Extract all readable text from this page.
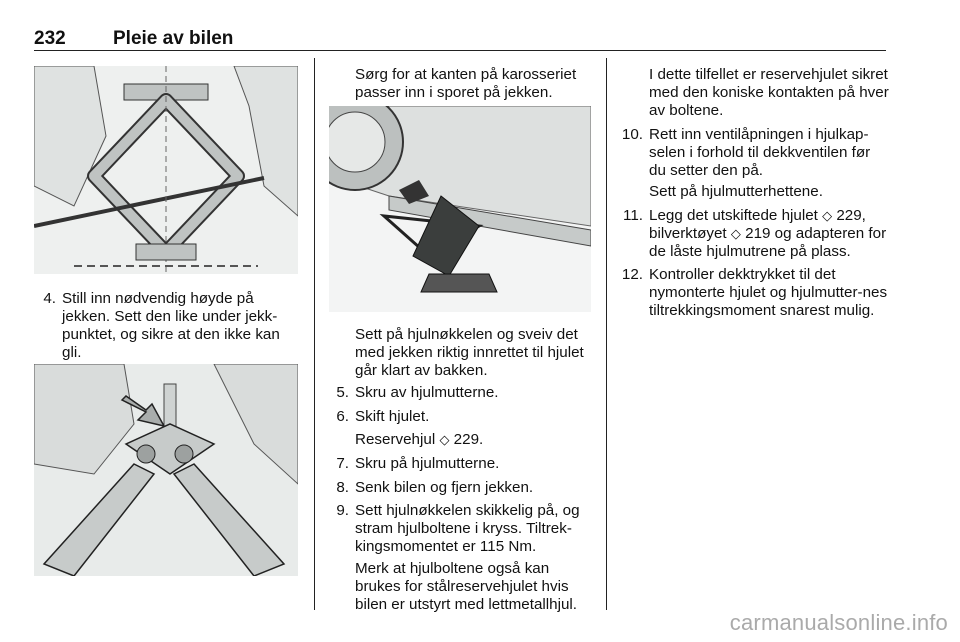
232 Pleie av bilen
4. Still inn nødvendig høyde på jekken. Sett den like under jekk-punktet, og sikre at den ikke kan gli.
Sørg for at kanten på karosseriet passer inn i sporet på jekken.
Sett på hjulnøkkelen og sveiv det med jekken riktig innrettet til hjulet går klart av bakken.
5. Skru av hjulmutterne.
6. Skift hjulet.
Reservehjul ◇ 229.
7. Skru på hjulmutterne.
8. Senk bilen og fjern jekken.
9. Sett hjulnøkkelen skikkelig på, og stram hjulboltene i kryss. Tiltrek-kingsmomentet er 115 Nm.
Merk at hjulboltene også kan brukes for stålreservehjulet hvis bilen er utstyrt med lettmetallhjul.
I dette tilfellet er reservehjulet sikret med den koniske kontakten på hver av boltene.
10. Rett inn ventilåpningen i hjulkap-selen i forhold til dekkventilen før du setter den på.
Sett på hjulmutterhettene.
11. Legg det utskiftede hjulet ◇ 229, bilverktøyet ◇ 219 og adapteren for de låste hjulmutrene på plass.
12. Kontroller dekktrykket til det nymonterte hjulet og hjulmutter-nes tiltrekkingsmoment snarest mulig.
carmanualsonline.info
